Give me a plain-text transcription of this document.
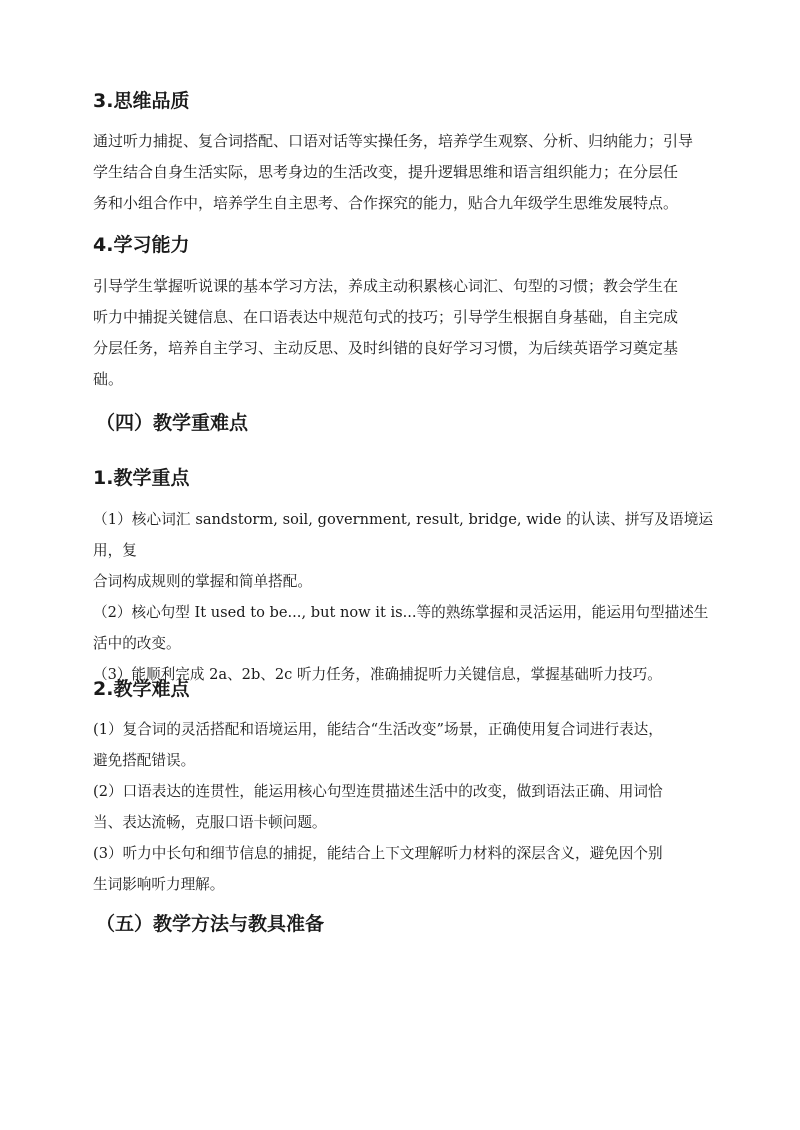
3.思维品质
通过听力捕捉、复合词搭配、口语对话等实操任务，培养学生观察、分析、归纳能力；引导
学生结合自身生活实际，思考身边的生活改变，提升逻辑思维和语言组织能力；在分层任
务和小组合作中，培养学生自主思考、合作探究的能力，贴合九年级学生思维发展特点。
4.学习能力
引导学生掌握听说课的基本学习方法，养成主动积累核心词汇、句型的习惯；教会学生在
听力中捕捉关键信息、在口语表达中规范句式的技巧；引导学生根据自身基础，自主完成
分层任务，培养自主学习、主动反思、及时纠错的良好学习习惯，为后续英语学习奠定基
础。
（四）教学重难点
1.教学重点
（1）核心词汇 sandstorm, soil, government, result, bridge, wide 的认读、拼写及语境运用，复
合词构成规则的掌握和简单搭配。
（2）核心句型 It used to be..., but now it is...等的熟练掌握和灵活运用，能运用句型描述生
活中的改变。
（3）能顺利完成 2a、2b、2c 听力任务，准确捕捉听力关键信息，掌握基础听力技巧。
2.教学难点
(1）复合词的灵活搭配和语境运用，能结合“生活改变”场景，正确使用复合词进行表达，
避免搭配错误。
(2）口语表达的连贯性，能运用核心句型连贯描述生活中的改变，做到语法正确、用词恰
当、表达流畅，克服口语卡顿问题。
(3）听力中长句和细节信息的捕捉，能结合上下文理解听力材料的深层含义，避免因个别
生词影响听力理解。
（五）教学方法与教具准备
